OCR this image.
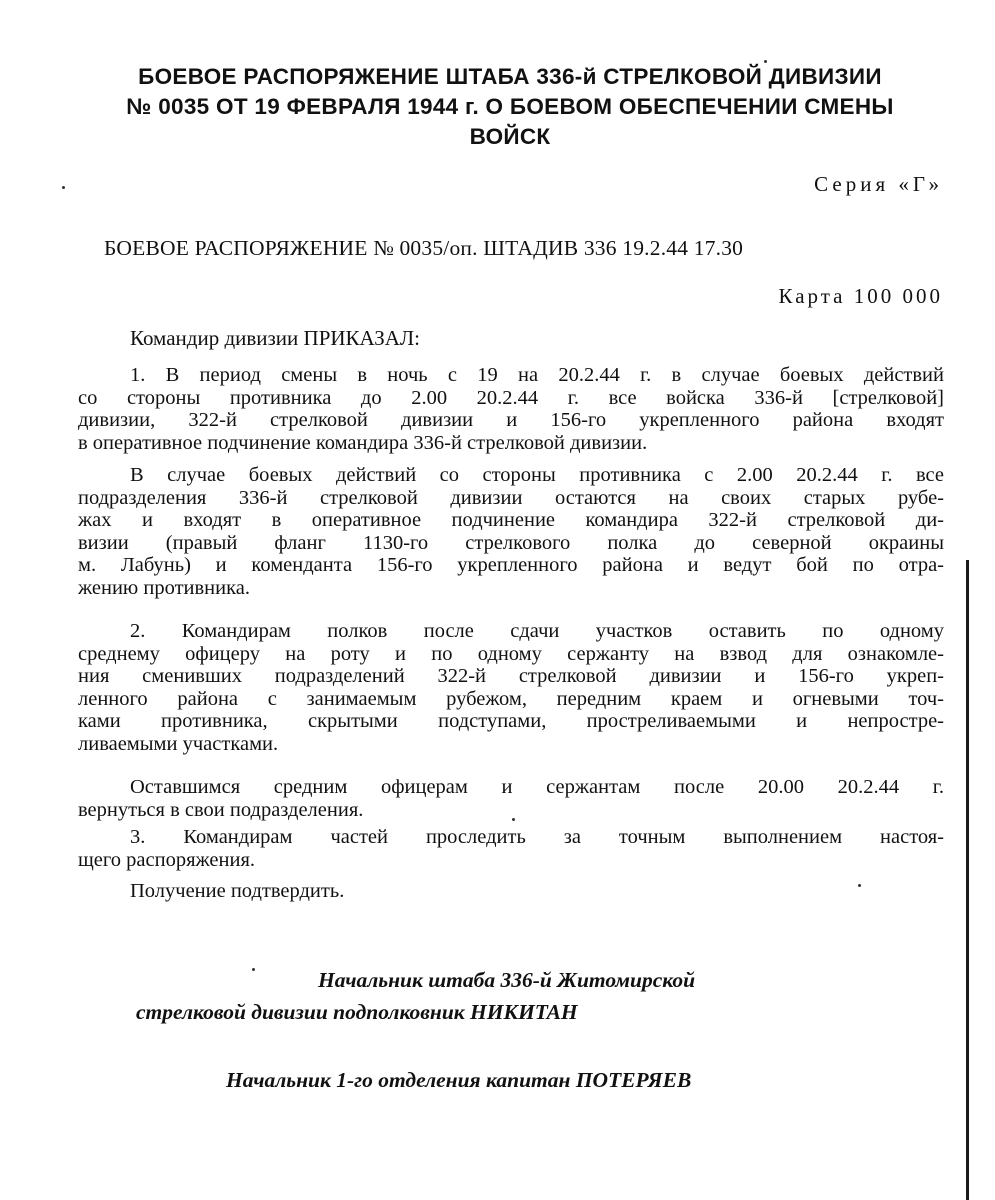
БОЕВОЕ РАСПОРЯЖЕНИЕ ШТАБА 336-й СТРЕЛКОВОЙ ДИВИЗИИ
№ 0035 ОТ 19 ФЕВРАЛЯ 1944 г. О БОЕВОМ ОБЕСПЕЧЕНИИ СМЕНЫ
ВОЙСК
Серия «Г»
БОЕВОЕ РАСПОРЯЖЕНИЕ № 0035/оп. ШТАДИВ 336 19.2.44 17.30
Карта 100 000
Командир дивизии ПРИКАЗАЛ:
1. В период смены в ночь с 19 на 20.2.44 г. в случае боевых действий
со стороны противника до 2.00 20.2.44 г. все войска 336-й [стрелковой]
дивизии, 322-й стрелковой дивизии и 156-го укрепленного района входят
в оперативное подчинение командира 336-й стрелковой дивизии.
В случае боевых действий со стороны противника с 2.00 20.2.44 г. все
подразделения 336-й стрелковой дивизии остаются на своих старых рубе-
жах и входят в оперативное подчинение командира 322-й стрелковой ди-
визии (правый фланг 1130-го стрелкового полка до северной окраины
м. Лабунь) и коменданта 156-го укрепленного района и ведут бой по отра-
жению противника.
2. Командирам полков после сдачи участков оставить по одному
среднему офицеру на роту и по одному сержанту на взвод для ознакомле-
ния сменивших подразделений 322-й стрелковой дивизии и 156-го укреп-
ленного района с занимаемым рубежом, передним краем и огневыми точ-
ками противника, скрытыми подступами, простреливаемыми и непростре-
ливаемыми участками.
Оставшимся средним офицерам и сержантам после 20.00 20.2.44 г.
вернуться в свои подразделения.
3. Командирам частей проследить за точным выполнением настоя-
щего распоряжения.
Получение подтвердить.
Начальник штаба 336-й Житомирской
стрелковой дивизии подполковник НИКИТАН
Начальник 1-го отделения капитан ПОТЕРЯЕВ
